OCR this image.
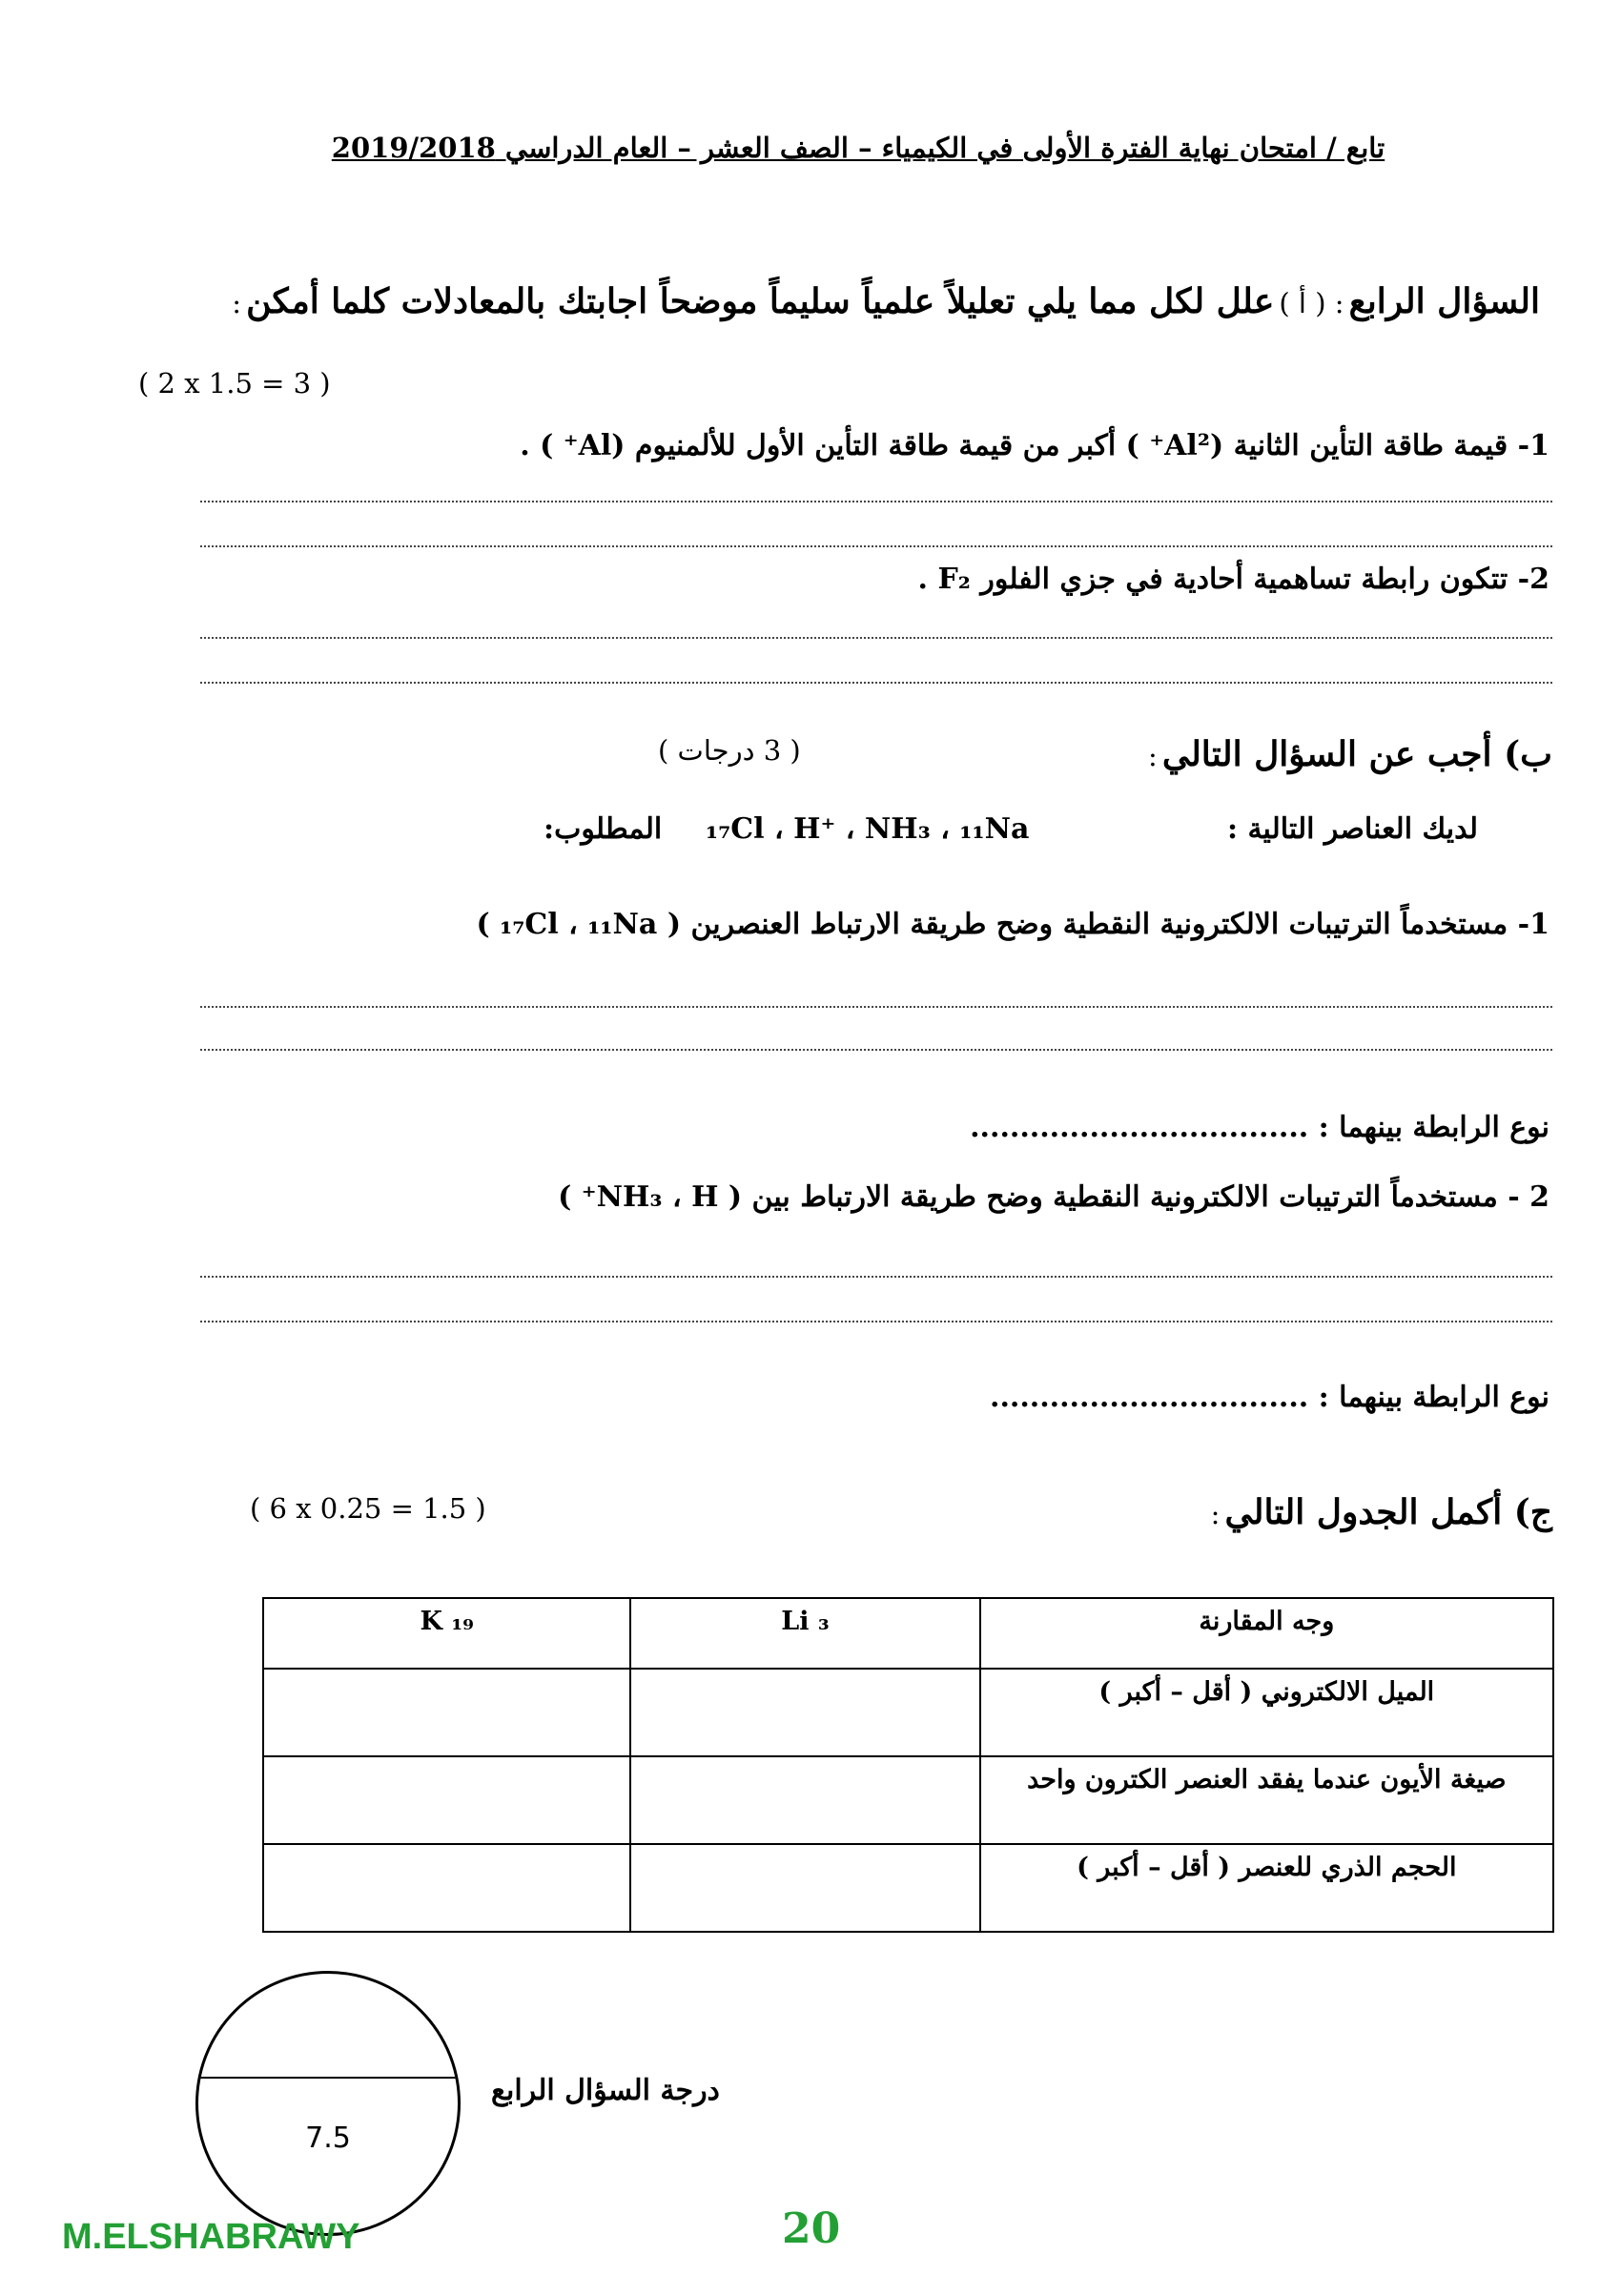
تابع / امتحان نهاية الفترة الأولى في الكيمياء – الصف العشر – العام الدراسي 2019/2018
السؤال الرابع : ( أ ) علل لكل مما يلي تعليلاً علمياً سليماً موضحاً اجابتك بالمعادلات كلما أمكن :
( 2 x 1.5 = 3 )
1- قيمة طاقة التأين الثانية (Al²⁺ ) أكبر من قيمة طاقة التأين الأول للألمنيوم (Al⁺ ) .
2- تتكون رابطة تساهمية أحادية في جزي الفلور F₂ .
ب) أجب عن السؤال التالي :
( 3 درجات )
لديك العناصر التالية :
₁₇Cl ، H⁺ ، NH₃ ، ₁₁Na
المطلوب:
1- مستخدماً الترتيبات الالكترونية النقطية وضح طريقة الارتباط العنصرين ( ₁₇Cl ، ₁₁Na )
نوع الرابطة بينهما : ..................................
2 - مستخدماً الترتيبات الالكترونية النقطية وضح طريقة الارتباط بين ( NH₃ ، H⁺ )
نوع الرابطة بينهما : ................................
ج) أكمل الجدول التالي :
( 6 x 0.25 = 1.5 )
وجه المقارنة	₃ Li	₁₉ K
الميل الالكتروني ( أقل – أكبر )		
صيغة الأيون عندما يفقد العنصر الكترون واحد		
الحجم الذري للعنصر ( أقل – أكبر )		
7.5
درجة السؤال الرابع
M.ELSHABRAWY	20
